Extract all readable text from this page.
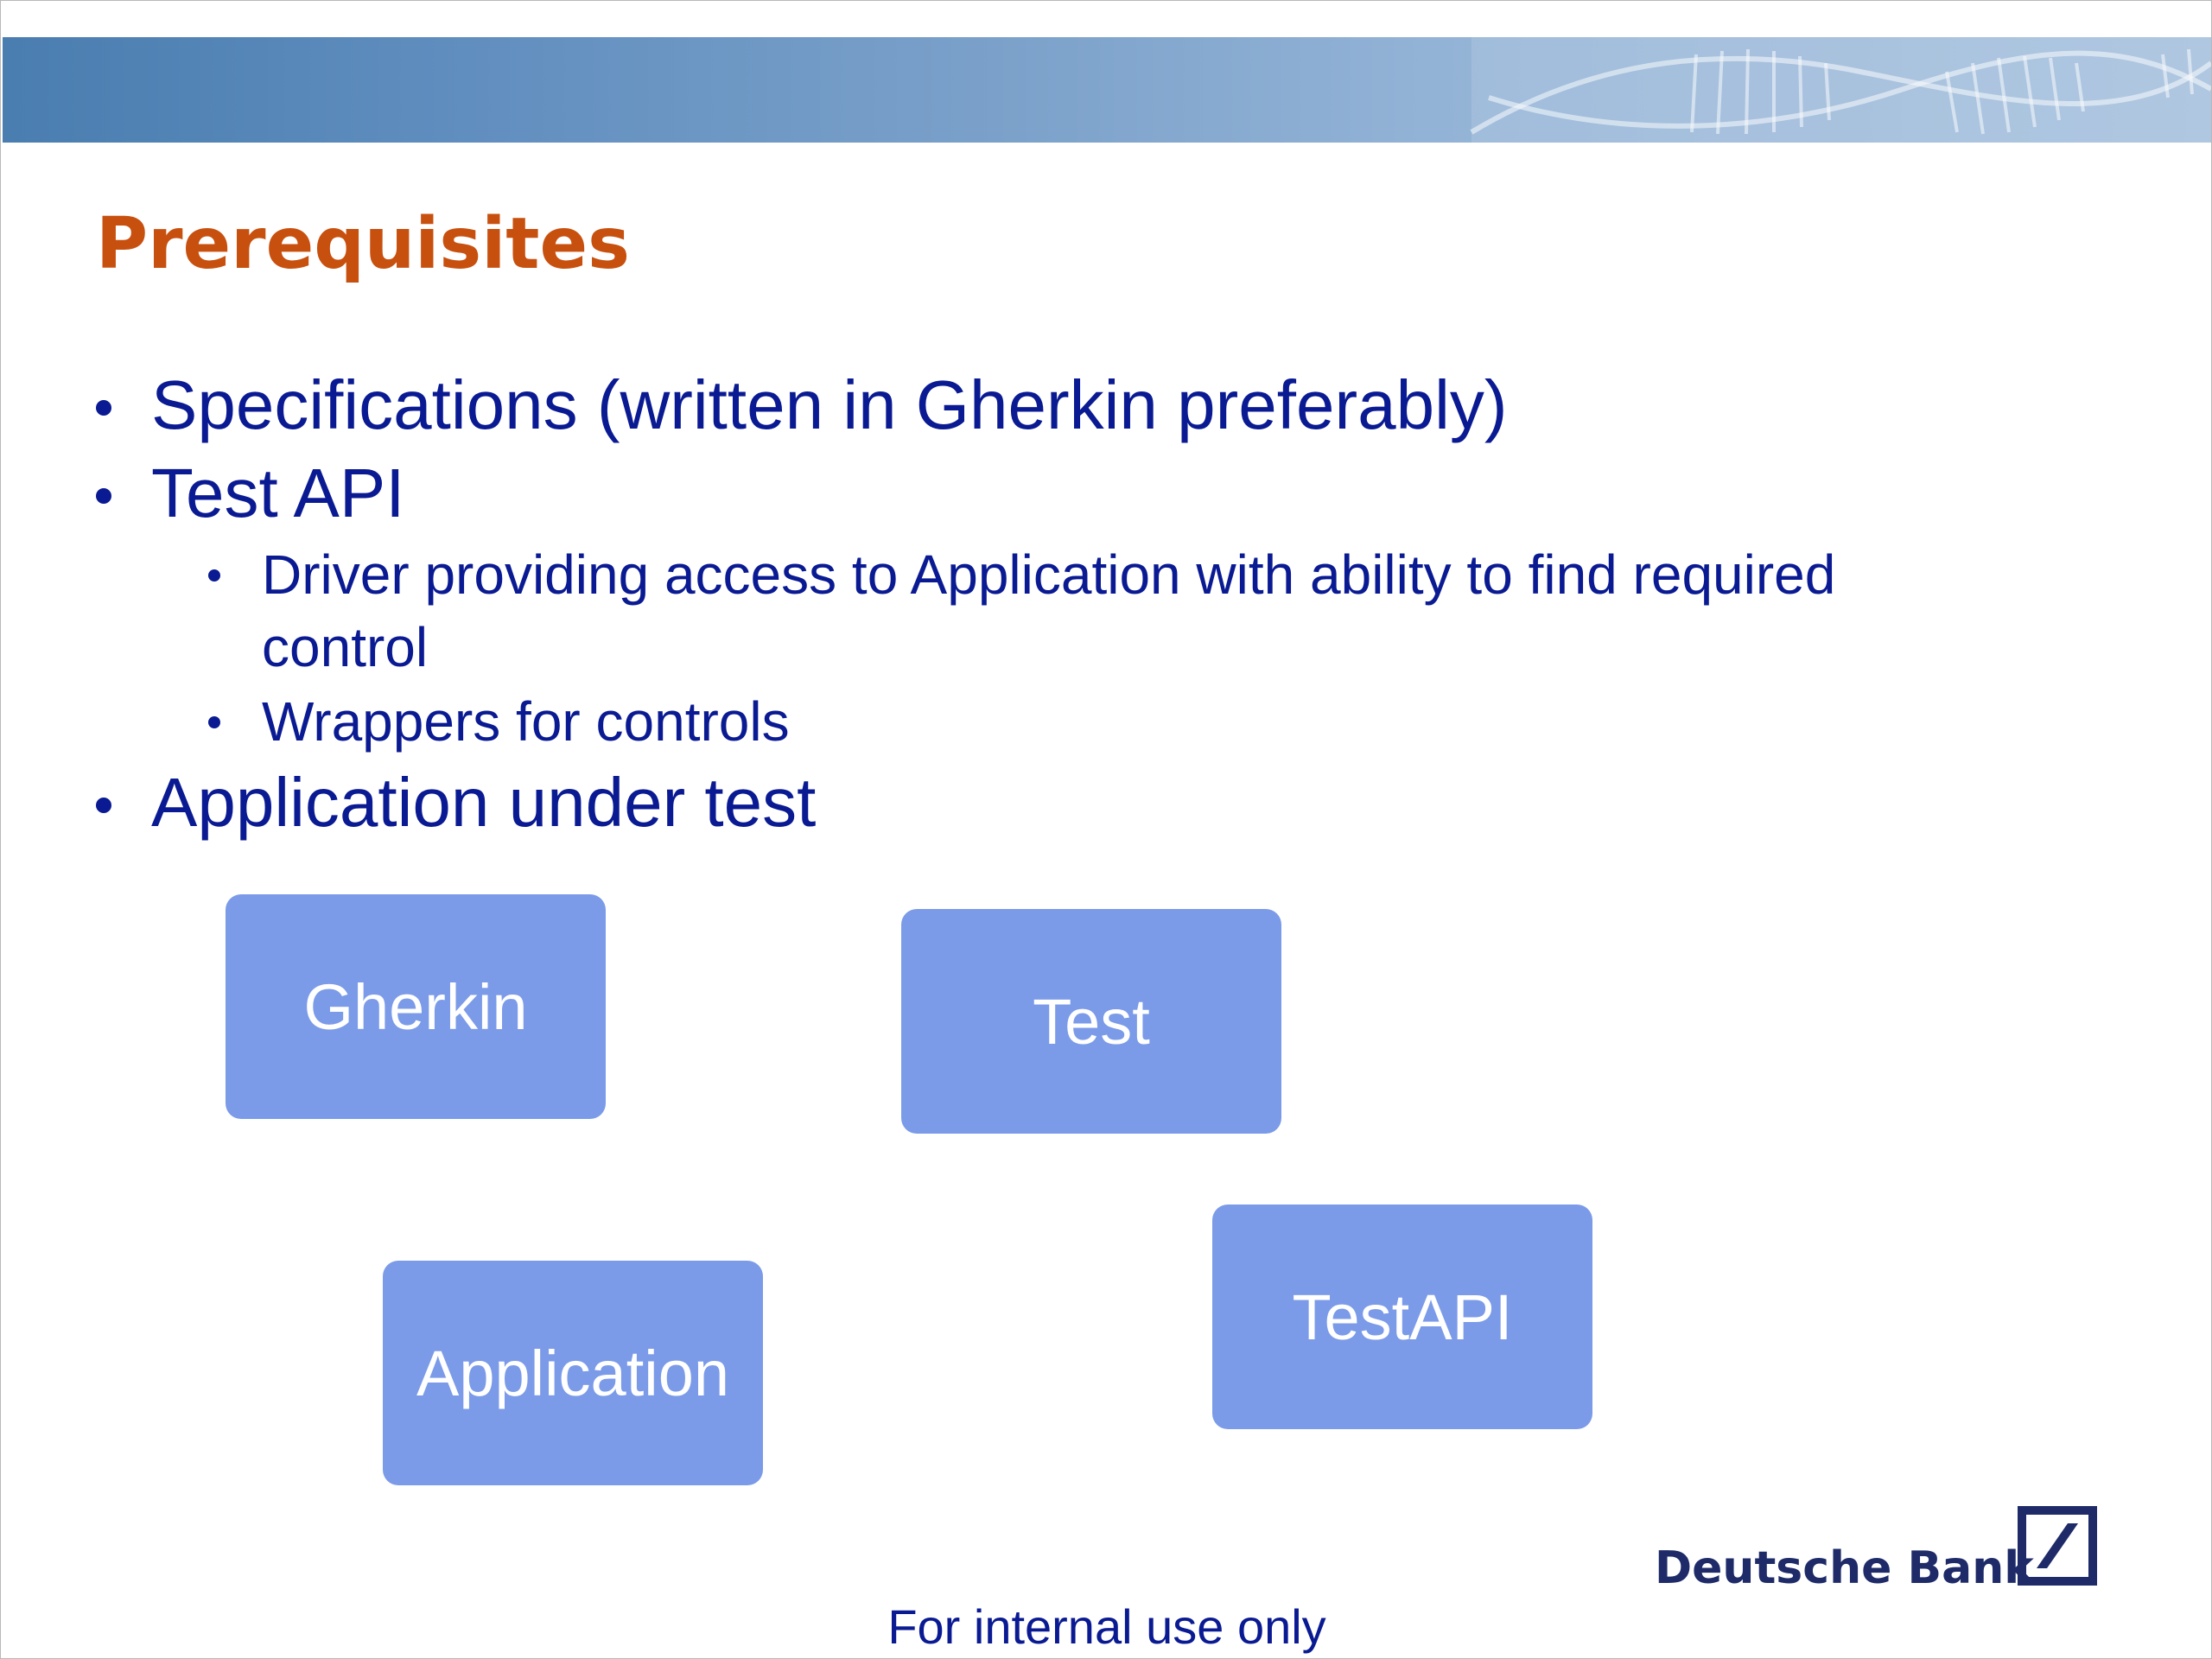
Prerequisites
Specifications (written in Gherkin preferably)
Test API
Driver providing access to Application with ability to find required
control
Wrappers for controls
Application under test
Gherkin	Test
Application
TestAPI
Deutsche Bank
For internal use only
